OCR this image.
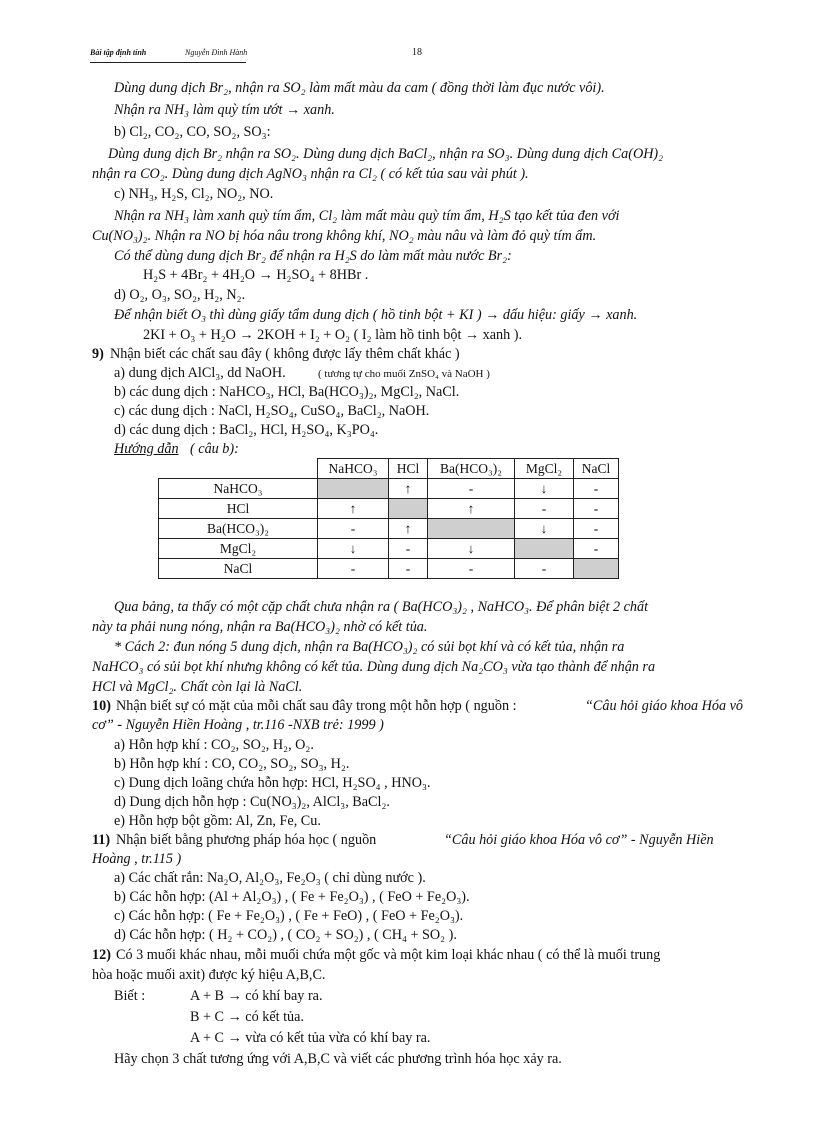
Bài tập định tính	Nguyễn Đình Hành	18
Dùng dung dịch Br₂, nhận ra SO₂ làm mất màu da cam ( đồng thời làm đục nước vôi).
Nhận ra NH₃ làm quỳ tím ướt → xanh.
b) Cl₂, CO₂, CO, SO₂, SO₃:
Dùng dung dịch Br₂ nhận ra SO₂. Dùng dung dịch BaCl₂, nhận ra SO₃. Dùng dung dịch Ca(OH)₂
nhận ra CO₂. Dùng dung dịch AgNO₃ nhận ra Cl₂ ( có kết tủa sau vài phút ).
c) NH₃, H₂S, Cl₂, NO₂, NO.
Nhận ra NH₃ làm xanh quỳ tím ẩm, Cl₂ làm mất màu quỳ tím ẩm, H₂S tạo kết tủa đen với
Cu(NO₃)₂. Nhận ra NO bị hóa nâu trong không khí, NO₂ màu nâu và làm đỏ quỳ tím ẩm.
Có thể dùng dung dịch Br₂ để nhận ra H₂S do làm mất màu nước Br₂:
H₂S + 4Br₂ + 4H₂O → H₂SO₄ + 8HBr .
d) O₂, O₃, SO₂, H₂, N₂.
Để nhận biết O₃ thì dùng giấy tẩm dung dịch ( hồ tinh bột + KI ) → dấu hiệu: giấy → xanh.
2KI + O₃ + H₂O → 2KOH + I₂ + O₂ ( I₂ làm hồ tinh bột → xanh ).
9) Nhận biết các chất sau đây ( không được lấy thêm chất khác )
a) dung dịch AlCl₃, dd NaOH.	( tương tự cho muối ZnSO₄ và NaOH )
b) các dung dịch : NaHCO₃, HCl, Ba(HCO₃)₂, MgCl₂, NaCl.
c) các dung dịch : NaCl, H₂SO₄, CuSO₄, BaCl₂, NaOH.
d) các dung dịch : BaCl₂, HCl, H₂SO₄, K₃PO₄.
Hướng dẫn ( câu b):
	NaHCO₃	HCl	Ba(HCO₃)₂	MgCl₂	NaCl
NaHCO₃		↑	-	↓	-
HCl	↑		↑	-	-
Ba(HCO₃)₂	-	↑		↓	-
MgCl₂	↓	-	↓		-
NaCl	-	-	-	-	
Qua bảng, ta thấy có một cặp chất chưa nhận ra ( Ba(HCO₃)₂ , NaHCO₃. Để phân biệt 2 chất
này ta phải nung nóng, nhận ra Ba(HCO₃)₂ nhờ có kết tủa.
* Cách 2: đun nóng 5 dung dịch, nhận ra Ba(HCO₃)₂ có sủi bọt khí và có kết tủa, nhận ra
NaHCO₃ có sủi bọt khí nhưng không có kết tủa. Dùng dung dịch Na₂CO₃ vừa tạo thành để nhận ra
HCl và MgCl₂. Chất còn lại là NaCl.
10) Nhận biết sự có mặt của mỗi chất sau đây trong một hỗn hợp ( nguồn :	“Câu hỏi giáo khoa Hóa vô
cơ” - Nguyễn Hiền Hoàng , tr.116 -NXB trẻ: 1999 )
a) Hỗn hợp khí : CO₂, SO₂, H₂, O₂.
b) Hỗn hợp khí : CO, CO₂, SO₂, SO₃, H₂.
c) Dung dịch loãng chứa hỗn hợp: HCl, H₂SO₄ , HNO₃.
d) Dung dịch hỗn hợp : Cu(NO₃)₂, AlCl₃, BaCl₂.
e) Hỗn hợp bột gồm: Al, Zn, Fe, Cu.
11) Nhận biết bằng phương pháp hóa học ( nguồn	“Câu hỏi giáo khoa Hóa vô cơ” - Nguyễn Hiền
Hoàng , tr.115 )
a) Các chất rắn: Na₂O, Al₂O₃, Fe₂O₃ ( chỉ dùng nước ).
b) Các hỗn hợp: (Al + Al₂O₃) , ( Fe + Fe₂O₃) , ( FeO + Fe₂O₃).
c) Các hỗn hợp: ( Fe + Fe₂O₃) , ( Fe + FeO) , ( FeO + Fe₂O₃).
d) Các hỗn hợp: ( H₂ + CO₂) , ( CO₂ + SO₂) , ( CH₄ + SO₂ ).
12) Có 3 muối khác nhau, mỗi muối chứa một gốc và một kim loại khác nhau ( có thể là muối trung
hòa hoặc muối axit) được ký hiệu A,B,C.
Biết :	A + B → có khí bay ra.
B + C → có kết tủa.
A + C → vừa có kết tủa vừa có khí bay ra.
Hãy chọn 3 chất tương ứng với A,B,C và viết các phương trình hóa học xảy ra.
